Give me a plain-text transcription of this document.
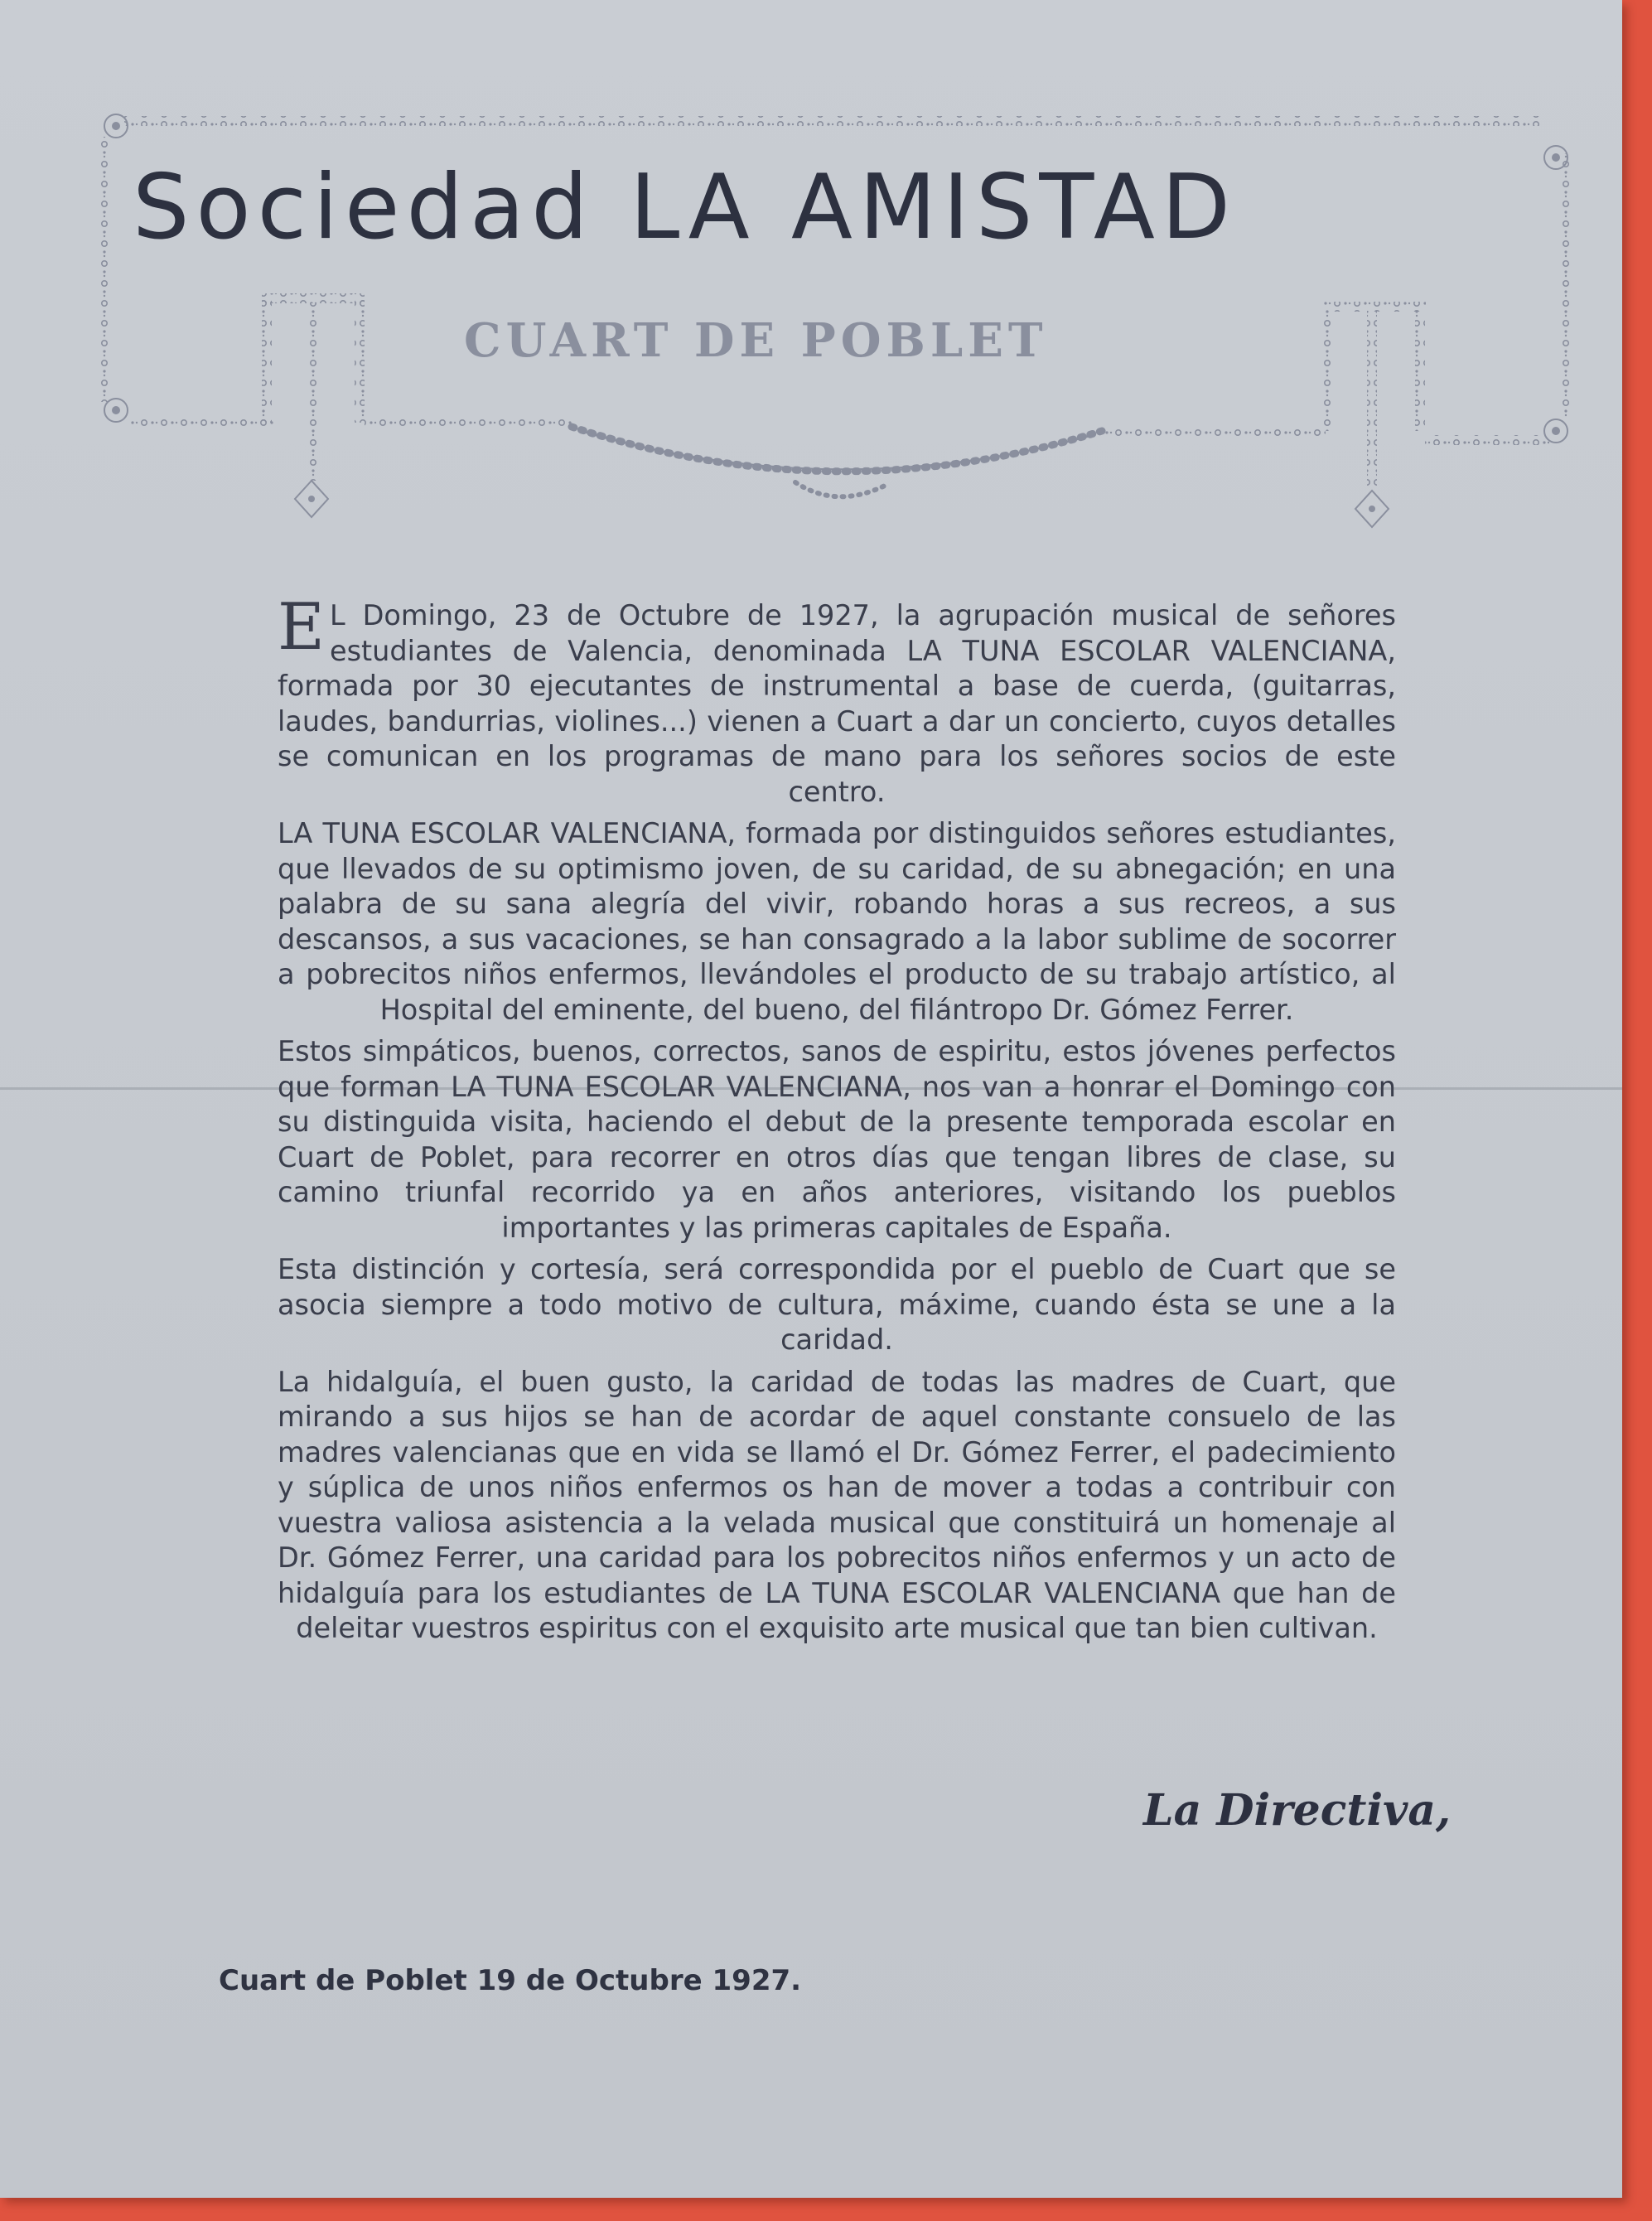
Sociedad LA AMISTAD
CUART DE POBLET

E L Domingo, 23 de Octubre de 1927, la agrupación musical de señores estudiantes de Valencia, denominada LA TUNA ESCOLAR VALENCIANA, formada por 30 ejecutantes de instrumental a base de cuerda, (guitarras, laudes, bandurrias, violines...) vienen a Cuart a dar un concierto, cuyos detalles se comunican en los programas de mano para los señores socios de este centro.

LA TUNA ESCOLAR VALENCIANA, formada por distinguidos señores estudiantes, que llevados de su optimismo joven, de su caridad, de su abnegación; en una palabra de su sana alegría del vivir, robando horas a sus recreos, a sus descansos, a sus vacaciones, se han consagrado a la labor sublime de socorrer a pobrecitos niños enfermos, llevándoles el producto de su trabajo artístico, al Hospital del eminente, del bueno, del filántropo Dr. Gómez Ferrer.

Estos simpáticos, buenos, correctos, sanos de espiritu, estos jóvenes perfectos que forman LA TUNA ESCOLAR VALENCIANA, nos van a honrar el Domingo con su distinguida visita, haciendo el debut de la presente temporada escolar en Cuart de Poblet, para recorrer en otros días que tengan libres de clase, su camino triunfal recorrido ya en años anteriores, visitando los pueblos importantes y las primeras capitales de España.

Esta distinción y cortesía, será correspondida por el pueblo de Cuart que se asocia siempre a todo motivo de cultura, máxime, cuando ésta se une a la caridad.

La hidalguía, el buen gusto, la caridad de todas las madres de Cuart, que mirando a sus hijos se han de acordar de aquel constante consuelo de las madres valencianas que en vida se llamó el Dr. Gómez Ferrer, el padecimiento y súplica de unos niños enfermos os han de mover a todas a contribuir con vuestra valiosa asistencia a la velada musical que constituirá un homenaje al Dr. Gómez Ferrer, una caridad para los pobrecitos niños enfermos y un acto de hidalguía para los estudiantes de LA TUNA ESCOLAR VALENCIANA que han de deleitar vuestros espiritus con el exquisito arte musical que tan bien cultivan.

La Directiva,
Cuart de Poblet 19 de Octubre 1927.
